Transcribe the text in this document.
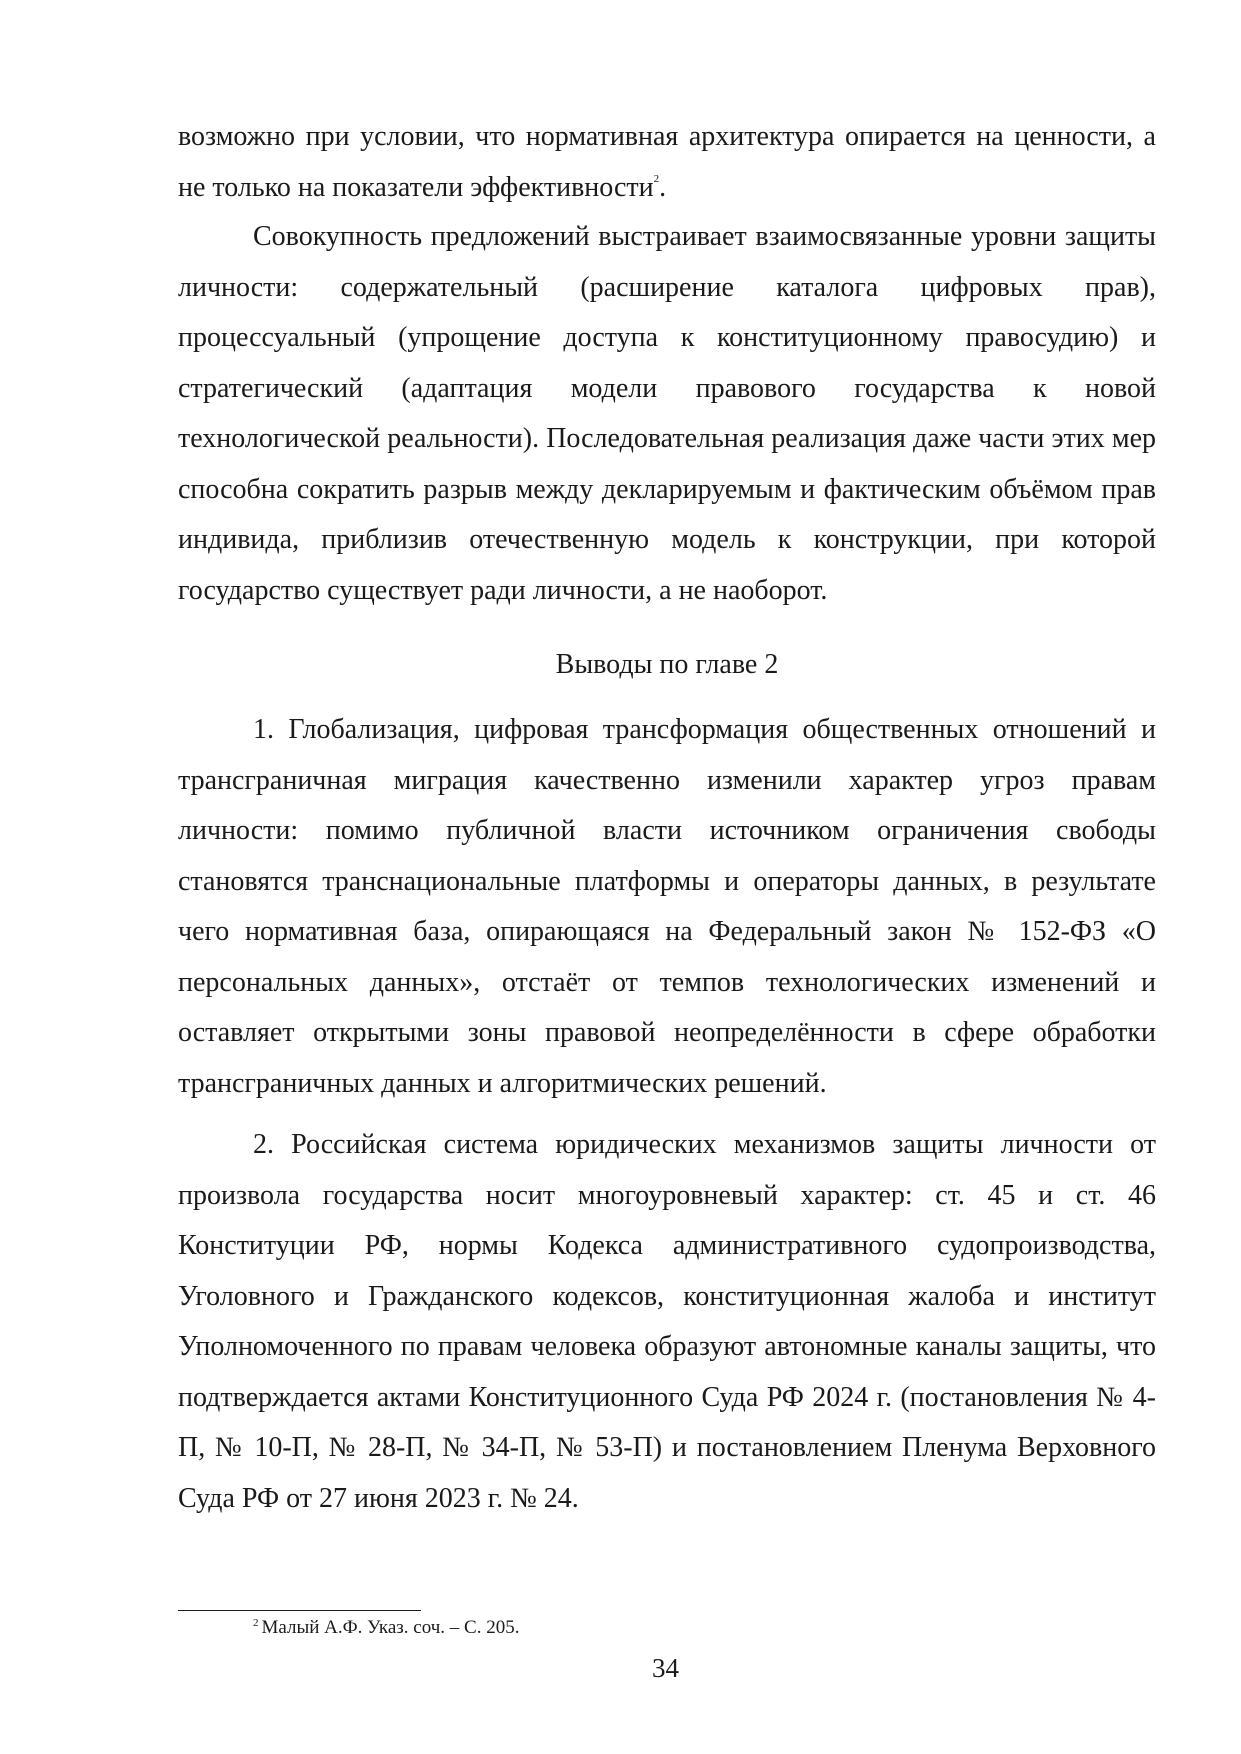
возможно при условии, что нормативная архитектура опирается на ценности, а не только на показатели эффективности$^2$.

Совокупность предложений выстраивает взаимосвязанные уровни защиты личности: содержательный (расширение каталога цифровых прав), процессуальный (упрощение доступа к конституционному правосудию) и стратегический (адаптация модели правового государства к новой технологической реальности). Последовательная реализация даже части этих мер способна сократить разрыв между декларируемым и фактическим объёмом прав индивида, приблизив отечественную модель к конструкции, при которой государство существует ради личности, а не наоборот.

Выводы по главе 2

1. Глобализация, цифровая трансформация общественных отношений и трансграничная миграция качественно изменили характер угроз правам личности: помимо публичной власти источником ограничения свободы становятся транснациональные платформы и операторы данных, в результате чего нормативная база, опирающаяся на Федеральный закон № 152-ФЗ «О персональных данных», отстаёт от темпов технологических изменений и оставляет открытыми зоны правовой неопределённости в сфере обработки трансграничных данных и алгоритмических решений.

2. Российская система юридических механизмов защиты личности от произвола государства носит многоуровневый характер: ст. 45 и ст. 46 Конституции РФ, нормы Кодекса административного судопроизводства, Уголовного и Гражданского кодексов, конституционная жалоба и институт Уполномоченного по правам человека образуют автономные каналы защиты, что подтверждается актами Конституционного Суда РФ 2024 г. (постановления № 4-П, № 10-П, № 28-П, № 34-П, № 53-П) и постановлением Пленума Верховного Суда РФ от 27 июня 2023 г. № 24.

$^2$ Малый А.Ф. Указ. соч. – С. 205.
34
